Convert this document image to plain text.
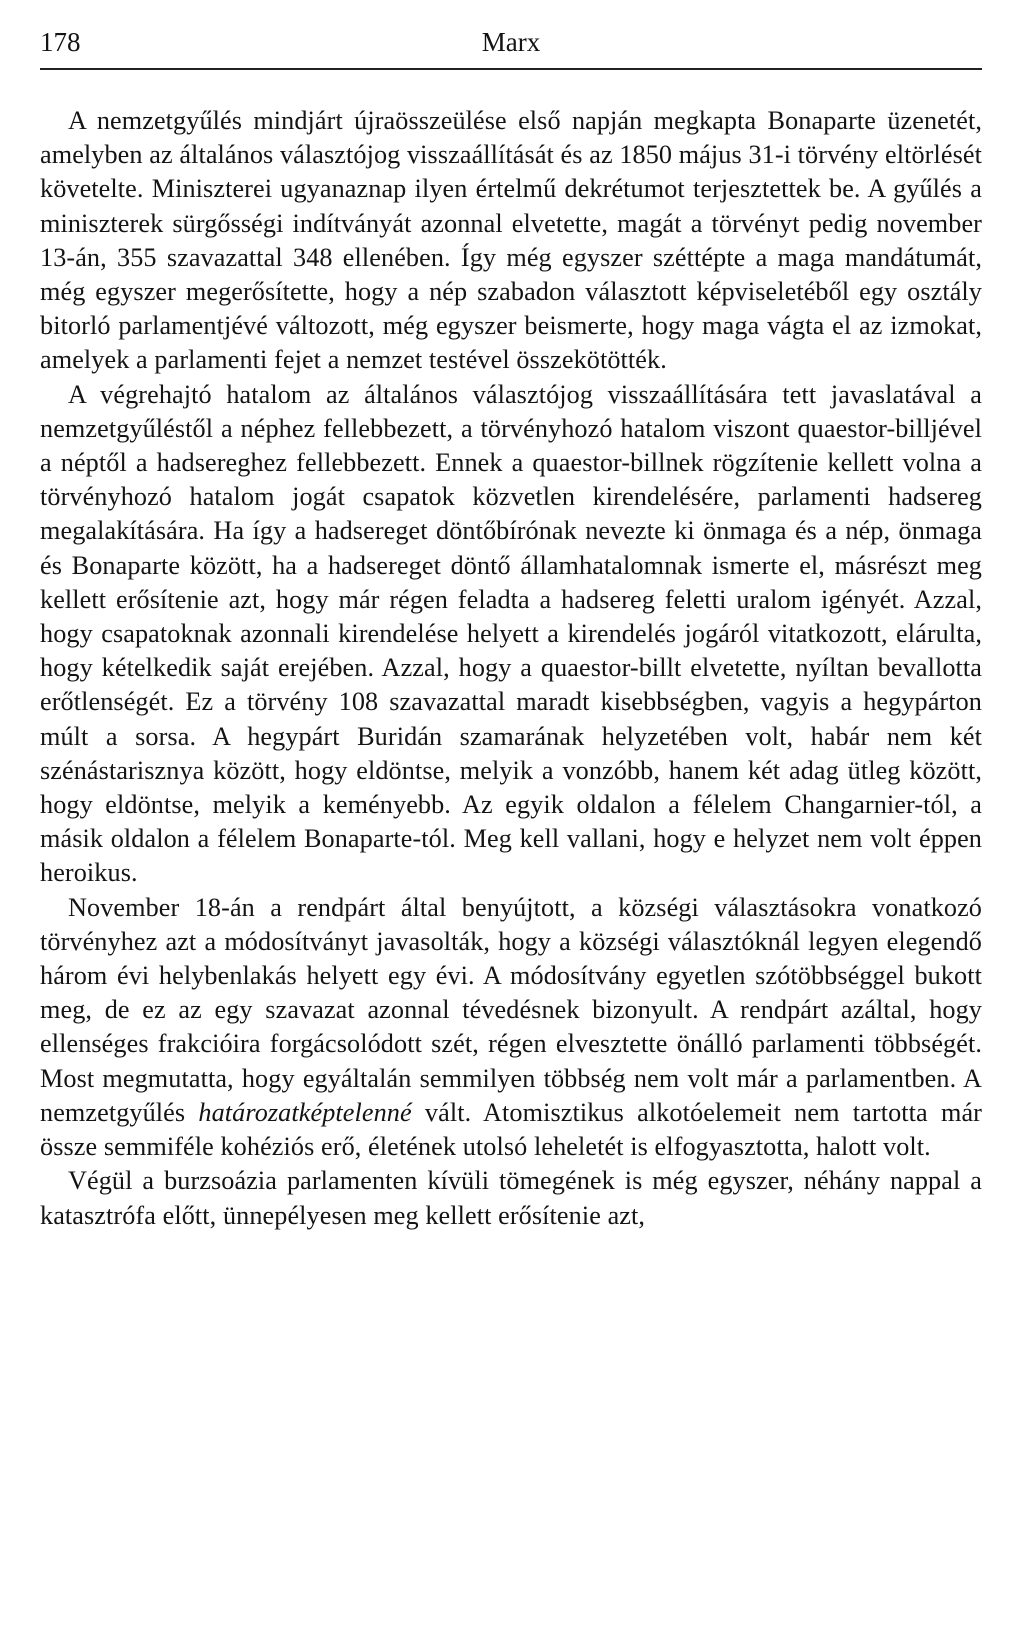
178	Marx

A nemzetgyűlés mindjárt újraösszeülése első napján megkapta Bonaparte üzenetét, amelyben az általános választójog visszaállítását és az 1850 május 31-i törvény eltörlését követelte. Miniszterei ugyanaznap ilyen értelmű dekrétumot terjesztettek be. A gyűlés a miniszterek sürgősségi indítványát azonnal elvetette, magát a törvényt pedig november 13-án, 355 szavazattal 348 ellenében. Így még egyszer széttépte a maga mandátumát, még egyszer megerősítette, hogy a nép szabadon választott képviseletéből egy osztály bitorló parlamentjévé változott, még egyszer beismerte, hogy maga vágta el az izmokat, amelyek a parlamenti fejet a nemzet testével összekötötték.

A végrehajtó hatalom az általános választójog visszaállítására tett javaslatával a nemzetgyűléstől a néphez fellebbezett, a törvényhozó hatalom viszont quaestor-billjével a néptől a hadsereghez fellebbezett. Ennek a quaestor-billnek rögzítenie kellett volna a törvényhozó hatalom jogát csapatok közvetlen kirendelésére, parlamenti hadsereg megalakítására. Ha így a hadsereget döntőbírónak nevezte ki önmaga és a nép, önmaga és Bonaparte között, ha a hadsereget döntő államhatalomnak ismerte el, másrészt meg kellett erősítenie azt, hogy már régen feladta a hadsereg feletti uralom igényét. Azzal, hogy csapatoknak azonnali kirendelése helyett a kirendelés jogáról vitatkozott, elárulta, hogy kételkedik saját erejében. Azzal, hogy a quaestor-billt elvetette, nyíltan bevallotta erőtlenségét. Ez a törvény 108 szavazattal maradt kisebbségben, vagyis a hegypárton múlt a sorsa. A hegypárt Buridán szamarának helyzetében volt, habár nem két szénástarisznya között, hogy eldöntse, melyik a vonzóbb, hanem két adag ütleg között, hogy eldöntse, melyik a keményebb. Az egyik oldalon a félelem Changarnier-tól, a másik oldalon a félelem Bonaparte-tól. Meg kell vallani, hogy e helyzet nem volt éppen heroikus.

November 18-án a rendpárt által benyújtott, a községi választásokra vonatkozó törvényhez azt a módosítványt javasolták, hogy a községi választóknál legyen elegendő három évi helybenlakás helyett egy évi. A módosítvány egyetlen szótöbbséggel bukott meg, de ez az egy szavazat azonnal tévedésnek bizonyult. A rendpárt azáltal, hogy ellenséges frakcióira forgácsolódott szét, régen elvesztette önálló parlamenti többségét. Most megmutatta, hogy egyáltalán semmilyen többség nem volt már a parlamentben. A nemzetgyűlés határozatképtelenné vált. Atomisztikus alkotóelemeit nem tartotta már össze semmiféle kohéziós erő, életének utolsó leheletét is elfogyasztotta, halott volt.

Végül a burzsoázia parlamenten kívüli tömegének is még egyszer, néhány nappal a katasztrófa előtt, ünnepélyesen meg kellett erősítenie azt,
